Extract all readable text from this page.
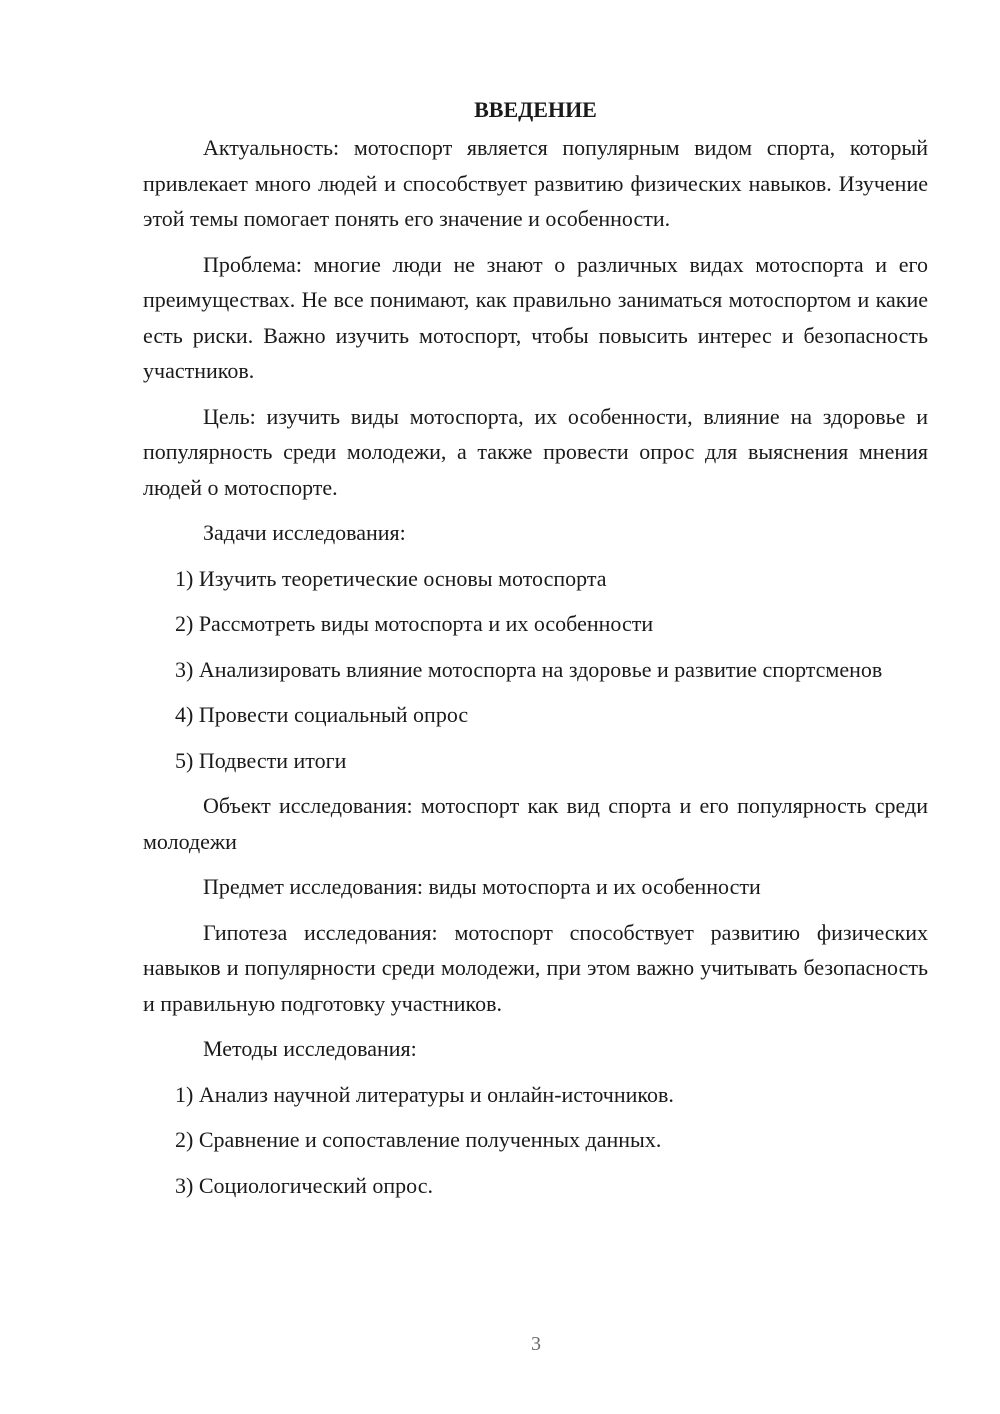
ВВЕДЕНИЕ

Актуальность: мотоспорт является популярным видом спорта, который привлекает много людей и способствует развитию физических навыков. Изучение этой темы помогает понять его значение и особенности.

Проблема: многие люди не знают о различных видах мотоспорта и его преимуществах. Не все понимают, как правильно заниматься мотоспортом и какие есть риски. Важно изучить мотоспорт, чтобы повысить интерес и безопасность участников.

Цель: изучить виды мотоспорта, их особенности, влияние на здоровье и популярность среди молодежи, а также провести опрос для выяснения мнения людей о мотоспорте.

Задачи исследования:

1) Изучить теоретические основы мотоспорта

2) Рассмотреть виды мотоспорта и их особенности

3) Анализировать влияние мотоспорта на здоровье и развитие спортсменов

4) Провести социальный опрос

5) Подвести итоги

Объект исследования: мотоспорт как вид спорта и его популярность среди молодежи

Предмет исследования: виды мотоспорта и их особенности

Гипотеза исследования: мотоспорт способствует развитию физических навыков и популярности среди молодежи, при этом важно учитывать безопасность и правильную подготовку участников.

Методы исследования:

1) Анализ научной литературы и онлайн-источников.

2) Сравнение и сопоставление полученных данных.

3) Социологический опрос.

3
